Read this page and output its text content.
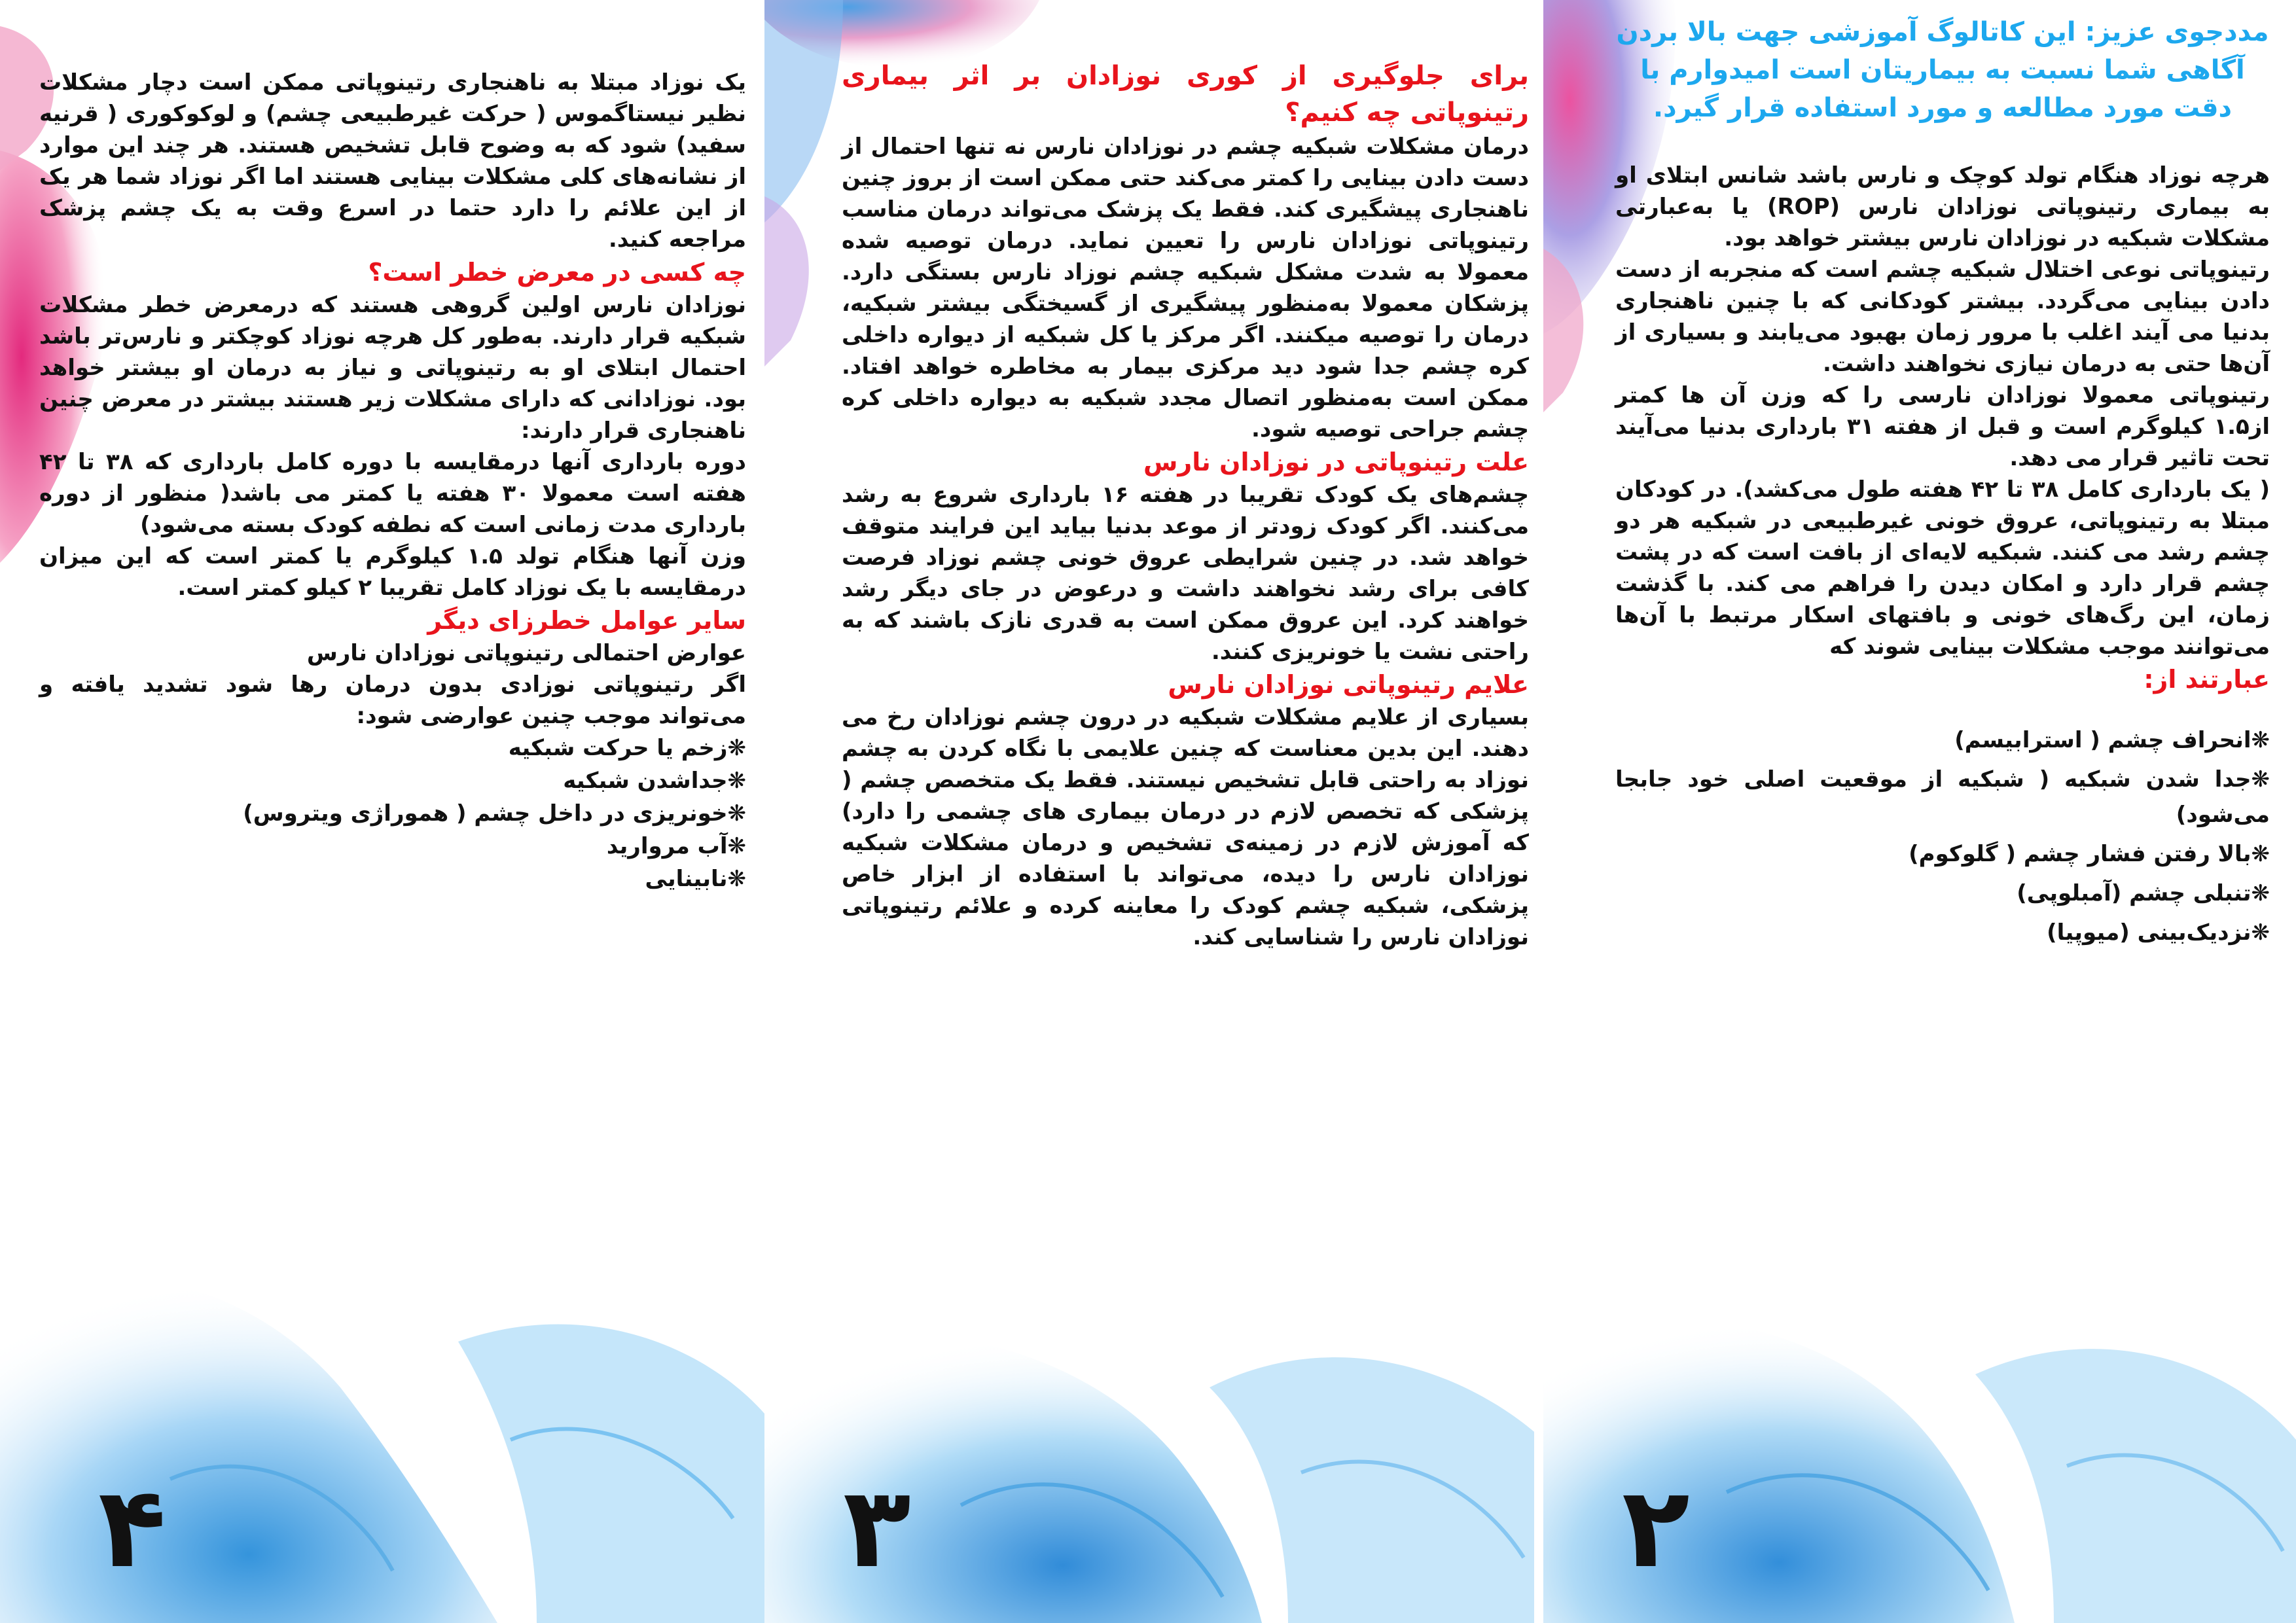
یک نوزاد مبتلا به ناهنجاری رتینوپاتی ممکن است دچار مشکلات نظیر نیستاگموس ( حرکت غیرطبیعی چشم) و لوکوکوری ( قرنیه سفید) شود که به وضوح قابل تشخیص هستند. هر چند این موارد از نشانه‌های کلی مشکلات بینایی هستند اما اگر نوزاد شما هر یک از این علائم را دارد حتما در اسرع وقت به یک چشم پزشک مراجعه کنید.

چه کسی در معرض خطر است؟

نوزادان نارس اولین گروهی هستند که درمعرض خطر مشکلات شبکیه قرار دارند. به‌طور کل هرچه نوزاد کوچکتر و نارس‌تر باشد احتمال ابتلای او به رتینوپاتی و نیاز به درمان او بیشتر خواهد بود. نوزادانی که دارای مشکلات زیر هستند بیشتر در معرض چنین ناهنجاری قرار دارند:

دوره بارداری آنها درمقایسه با دوره کامل بارداری که ۳۸ تا ۴۲ هفته است معمولا ۳۰ هفته یا کمتر می باشد( منظور از دوره بارداری مدت زمانی است که نطفه کودک بسته می‌شود)

وزن آنها هنگام تولد ۱.۵ کیلوگرم یا کمتر است که این میزان درمقایسه با یک نوزاد کامل تقریبا ۲ کیلو کمتر است.

سایر عوامل خطرزای دیگر

عوارض احتمالی رتینوپاتی نوزادان نارس

اگر رتینوپاتی نوزادی بدون درمان رها شود تشدید یافته و می‌تواند موجب چنین عوارضی شود:

❋زخم یا حرکت شبکیه
❋جداشدن شبکیه
❋خونریزی در داخل چشم ( هموراژی ویتروس)
❋آب مروارید
❋نابینایی
۴

برای جلوگیری از کوری نوزادان بر اثر بیماری رتینوپاتی چه کنیم؟

درمان مشکلات شبکیه چشم در نوزادان نارس نه تنها احتمال از دست دادن بینایی را کمتر می‌کند حتی ممکن است از بروز چنین ناهنجاری پیشگیری کند. فقط یک پزشک می‌تواند درمان مناسب رتینوپاتی نوزادان نارس را تعیین نماید. درمان توصیه شده معمولا به شدت مشکل شبکیه چشم نوزاد نارس بستگی دارد. پزشکان معمولا به‌منظور پیشگیری از گسیختگی بیشتر شبکیه، درمان را توصیه میکنند. اگر مرکز یا کل شبکیه از دیواره داخلی کره چشم جدا شود دید مرکزی بیمار به مخاطره خواهد افتاد. ممکن است به‌منظور اتصال مجدد شبکیه به دیواره داخلی کره چشم جراحی توصیه شود.

علت رتینوپاتی در نوزادان نارس

چشم‌های یک کودک تقریبا در هفته ۱۶ بارداری شروع به رشد می‌کنند. اگر کودک زودتر از موعد بدنیا بیاید این فرایند متوقف خواهد شد. در چنین شرایطی عروق خونی چشم نوزاد فرصت کافی برای رشد نخواهند داشت و درعوض در جای دیگر رشد خواهند کرد. این عروق ممکن است به قدری نازک باشند که به راحتی نشت یا خونریزی کنند.

علایم رتینوپاتی نوزادان نارس

بسیاری از علایم مشکلات شبکیه در درون چشم نوزادان رخ می دهند. این بدین معناست که چنین علایمی با نگاه کردن به چشم نوزاد به راحتی قابل تشخیص نیستند. فقط یک متخصص چشم ( پزشکی که تخصص لازم در درمان بیماری های چشمی را دارد) که آموزش لازم در زمینه‌ی تشخیص و درمان مشکلات شبکیه نوزادان نارس را دیده، می‌تواند با استفاده از ابزار خاص پزشکی، شبکیه چشم کودک را معاینه کرده و علائم رتینوپاتی نوزادان نارس را شناسایی کند.

۳

مددجوی عزیز: این کاتالوگ آموزشی جهت بالا بردن آگاهی شما نسبت به بیماریتان است امیدوارم با دقت مورد مطالعه و مورد استفاده قرار گیرد.

هرچه نوزاد هنگام تولد کوچک و نارس باشد شانس ابتلای او به بیماری رتینوپاتی نوزادان نارس (ROP) یا به‌عبارتی مشکلات شبکیه در نوزادان نارس بیشتر خواهد بود.

رتینوپاتی نوعی اختلال شبکیه چشم است که منجربه از دست دادن بینایی می‌گردد. بیشتر کودکانی که با چنین ناهنجاری بدنیا می آیند اغلب با مرور زمان بهبود می‌یابند و بسیاری از آن‌ها حتی به درمان نیازی نخواهند داشت.

رتینوپاتی معمولا نوزادان نارسی را که وزن آن ها کمتر از۱.۵ کیلوگرم است و قبل از هفته ۳۱ بارداری بدنیا می‌آیند تحت تاثیر قرار می دهد.

( یک بارداری کامل ۳۸ تا ۴۲ هفته طول می‌کشد). در کودکان مبتلا به رتینوپاتی، عروق خونی غیرطبیعی در شبکیه هر دو چشم رشد می کنند. شبکیه لایه‌ای از بافت است که در پشت چشم قرار دارد و امکان دیدن را فراهم می کند. با گذشت زمان، این رگ‌های خونی و بافتهای اسکار مرتبط با آن‌ها می‌توانند موجب مشکلات بینایی شوند که

عبارتند از:

❋انحراف چشم ( استرابیسم)
❋جدا شدن شبکیه ( شبکیه از موقعیت اصلی خود جابجا می‌شود)
❋بالا رفتن فشار چشم ( گلوکوم)
❋تنبلی چشم (آمبلوپی)
❋نزدیک‌بینی (میوپیا)
۲
